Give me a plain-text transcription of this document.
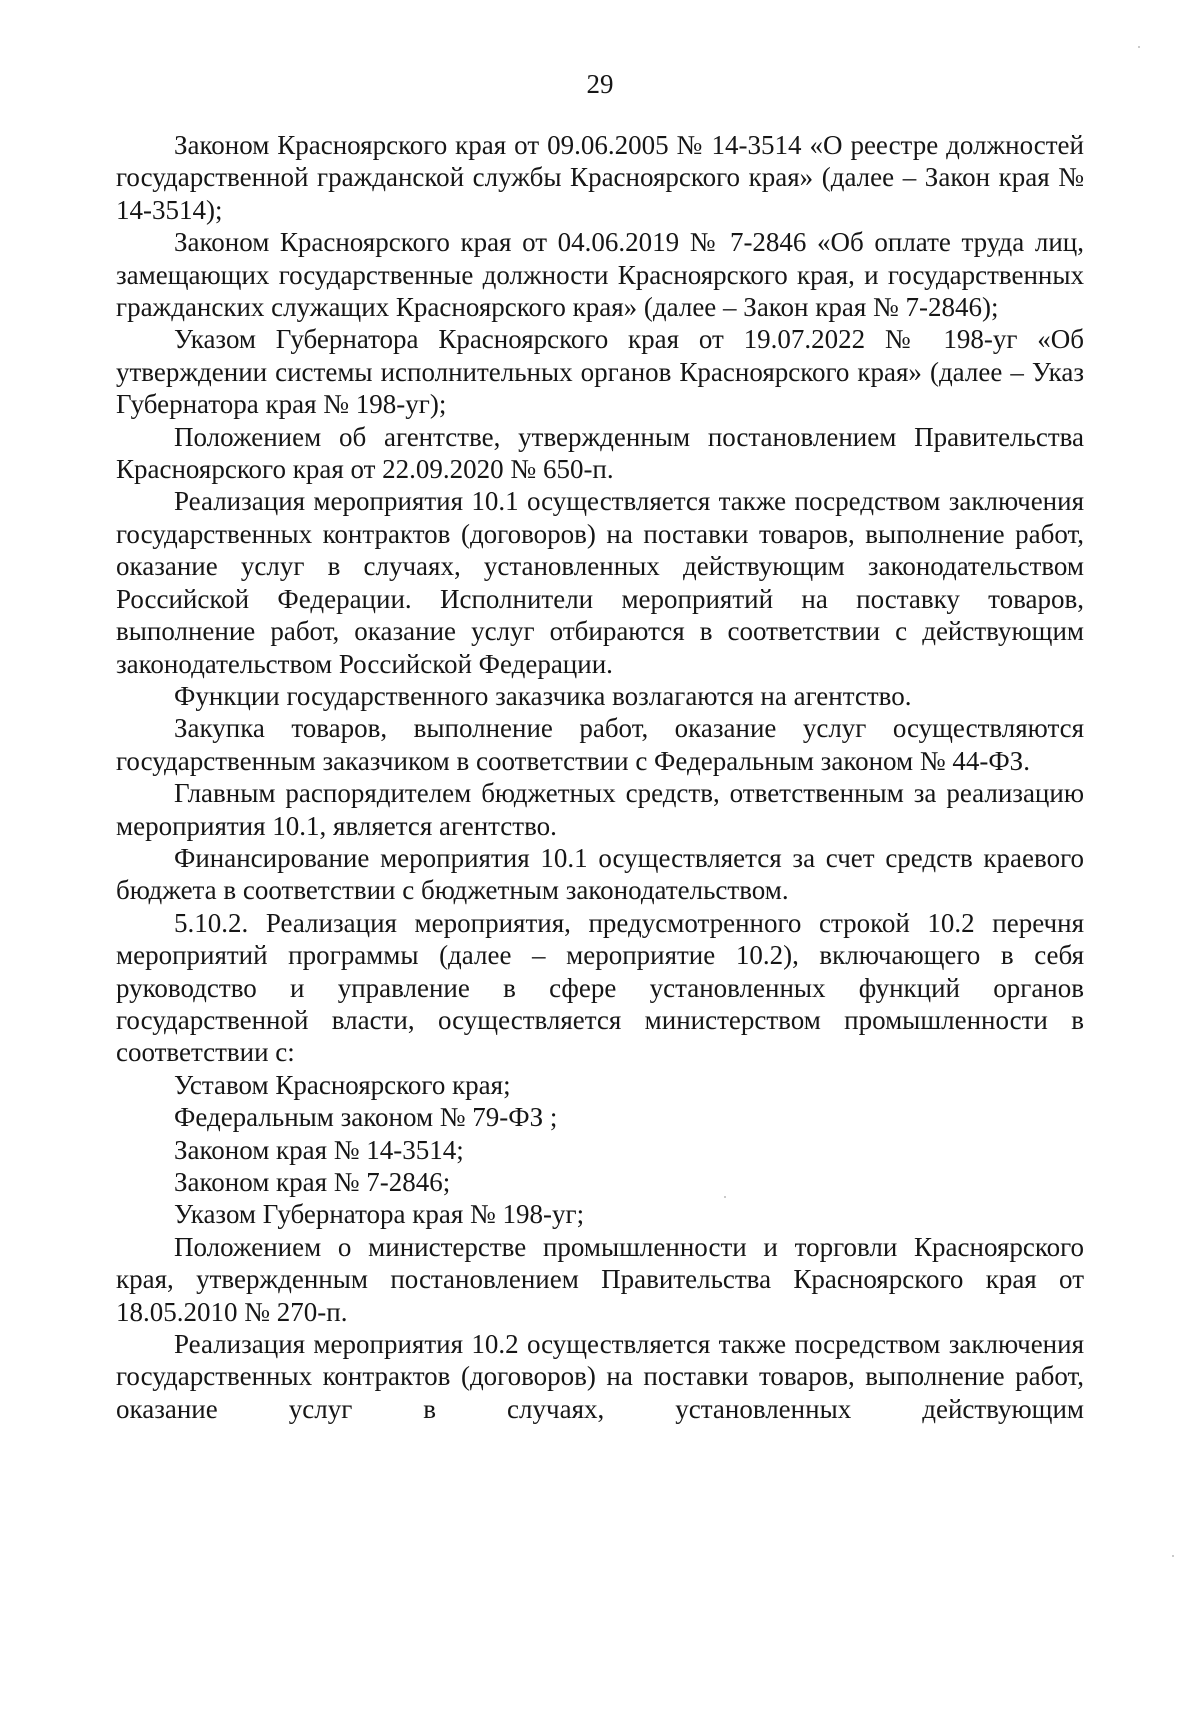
29

Законом Красноярского края от 09.06.2005 № 14-3514 «О реестре должностей государственной гражданской службы Красноярского края» (далее – Закон края № 14-3514);

Законом Красноярского края от 04.06.2019 № 7-2846 «Об оплате труда лиц, замещающих государственные должности Красноярского края, и государственных гражданских служащих Красноярского края» (далее – Закон края № 7-2846);

Указом Губернатора Красноярского края от 19.07.2022 № 198-уг «Об утверждении системы исполнительных органов Красноярского края» (далее – Указ Губернатора края № 198-уг);

Положением об агентстве, утвержденным постановлением Правительства Красноярского края от 22.09.2020 № 650-п.

Реализация мероприятия 10.1 осуществляется также посредством заключения государственных контрактов (договоров) на поставки товаров, выполнение работ, оказание услуг в случаях, установленных действующим законодательством Российской Федерации. Исполнители мероприятий на поставку товаров, выполнение работ, оказание услуг отбираются в соответствии с действующим законодательством Российской Федерации.

Функции государственного заказчика возлагаются на агентство.

Закупка товаров, выполнение работ, оказание услуг осуществляются государственным заказчиком в соответствии с Федеральным законом № 44-ФЗ.

Главным распорядителем бюджетных средств, ответственным за реализацию мероприятия 10.1, является агентство.

Финансирование мероприятия 10.1 осуществляется за счет средств краевого бюджета в соответствии с бюджетным законодательством.

5.10.2. Реализация мероприятия, предусмотренного строкой 10.2 перечня мероприятий программы (далее – мероприятие 10.2), включающего в себя руководство и управление в сфере установленных функций органов государственной власти, осуществляется министерством промышленности в соответствии с:

Уставом Красноярского края;

Федеральным законом № 79-ФЗ ;

Законом края № 14-3514;

Законом края № 7-2846;

Указом Губернатора края № 198-уг;

Положением о министерстве промышленности и торговли Красноярского края, утвержденным постановлением Правительства Красноярского края от 18.05.2010 № 270-п.

Реализация мероприятия 10.2 осуществляется также посредством заключения государственных контрактов (договоров) на поставки товаров, выполнение работ, оказание услуг в случаях, установленных действующим
